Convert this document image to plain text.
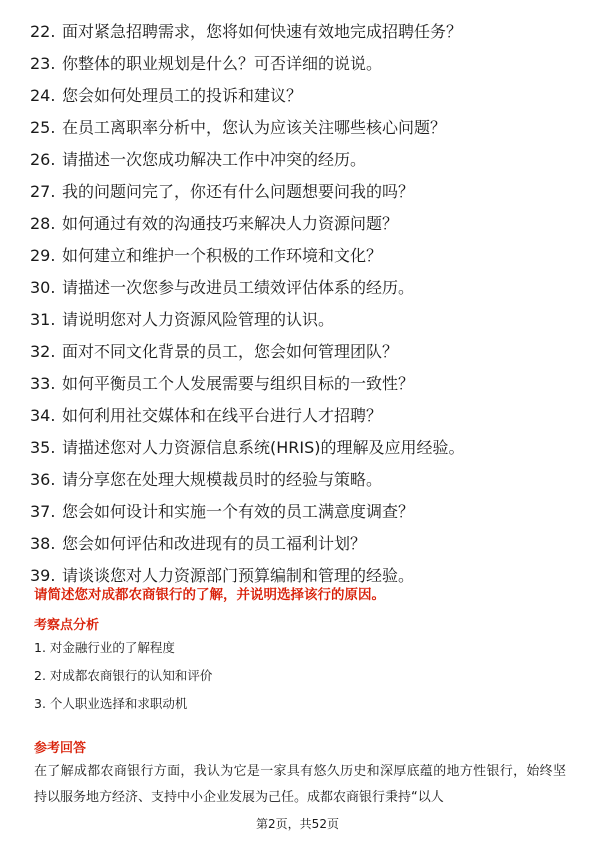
22. 面对紧急招聘需求，您将如何快速有效地完成招聘任务？
23. 你整体的职业规划是什么？可否详细的说说。
24. 您会如何处理员工的投诉和建议？
25. 在员工离职率分析中，您认为应该关注哪些核心问题？
26. 请描述一次您成功解决工作中冲突的经历。
27. 我的问题问完了，你还有什么问题想要问我的吗？
28. 如何通过有效的沟通技巧来解决人力资源问题？
29. 如何建立和维护一个积极的工作环境和文化？
30. 请描述一次您参与改进员工绩效评估体系的经历。
31. 请说明您对人力资源风险管理的认识。
32. 面对不同文化背景的员工，您会如何管理团队？
33. 如何平衡员工个人发展需要与组织目标的一致性？
34. 如何利用社交媒体和在线平台进行人才招聘？
35. 请描述您对人力资源信息系统(HRIS)的理解及应用经验。
36. 请分享您在处理大规模裁员时的经验与策略。
37. 您会如何设计和实施一个有效的员工满意度调查？
38. 您会如何评估和改进现有的员工福利计划？
39. 请谈谈您对人力资源部门预算编制和管理的经验。
请简述您对成都农商银行的了解，并说明选择该行的原因。
考察点分析
1. 对金融行业的了解程度
2. 对成都农商银行的认知和评价
3. 个人职业选择和求职动机
参考回答
在了解成都农商银行方面，我认为它是一家具有悠久历史和深厚底蕴的地方性银行，始终坚持以服务地方经济、支持中小企业发展为己任。成都农商银行秉持“以人
第2页，共52页
